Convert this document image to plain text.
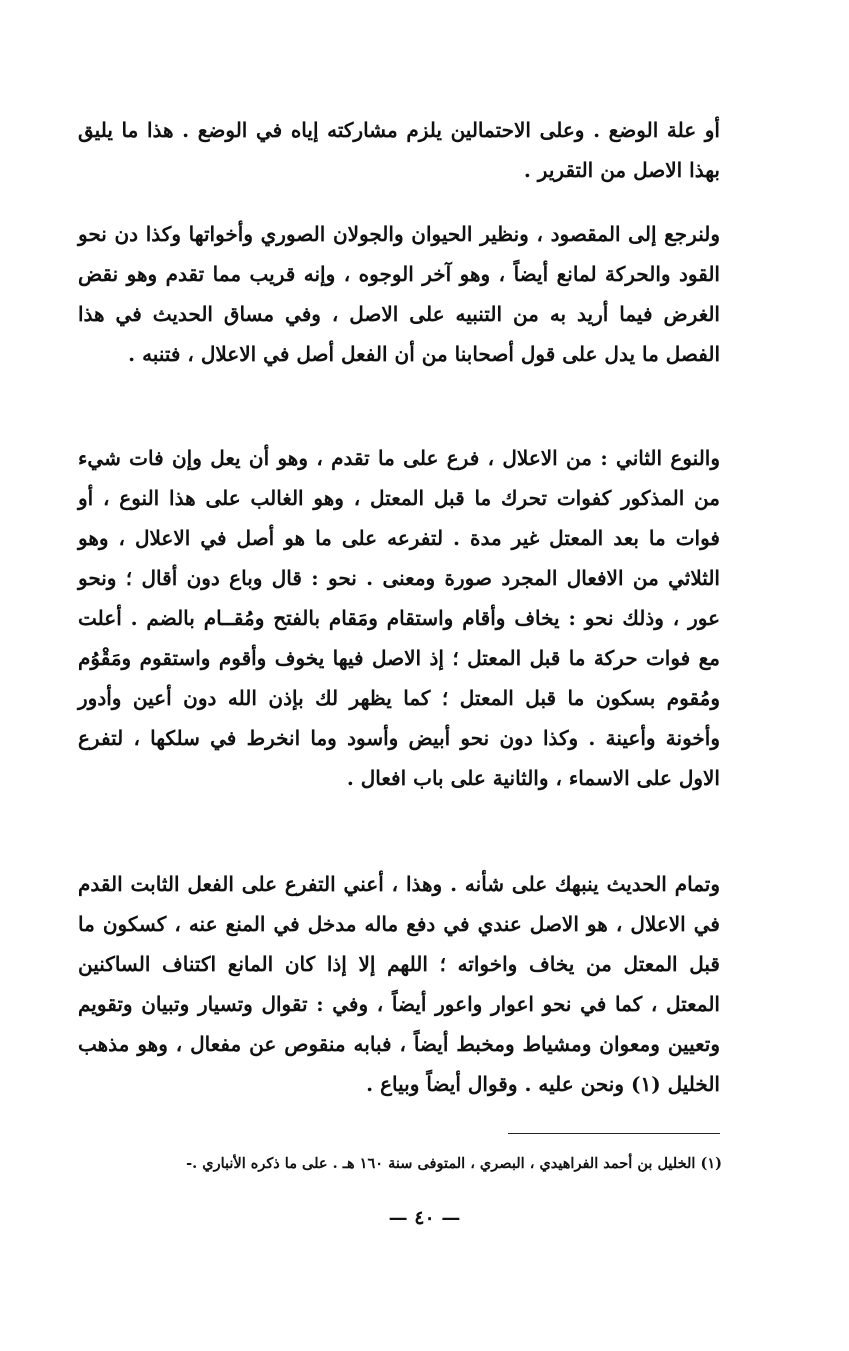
أو علة الوضع . وعلى الاحتمالين يلزم مشاركته إياه في الوضع . هذا ما يليق بهذا الاصل من التقرير .

ولنرجع إلى المقصود ، ونظير الحيوان والجولان الصوري وأخواتها وكذا دن نحو القود والحركة لمانع أيضاً ، وهو آخر الوجوه ، وإنه قريب مما تقدم وهو نقض الغرض فيما أريد به من التنبيه على الاصل ، وفي مساق الحديث في هذا الفصل ما يدل على قول أصحابنا من أن الفعل أصل في الاعلال ، فتنبه .

والنوع الثاني : من الاعلال ، فرع على ما تقدم ، وهو أن يعل وإن فات شيء من المذكور كفوات تحرك ما قبل المعتل ، وهو الغالب على هذا النوع ، أو فوات ما بعد المعتل غير مدة . لتفرعه على ما هو أصل في الاعلال ، وهو الثلاثي من الافعال المجرد صورة ومعنى . نحو : قال وباع دون أقال ؛ ونحو عور ، وذلك نحو : يخاف وأقام واستقام ومَقام بالفتح ومُقــام بالضم . أعلت مع فوات حركة ما قبل المعتل ؛ إذ الاصل فيها يخوف وأقوم واستقوم ومَقْوُم ومُقوم بسكون ما قبل المعتل ؛ كما يظهر لك بإذن الله دون أعين وأدور وأخونة وأعينة . وكذا دون نحو أبيض وأسود وما انخرط في سلكها ، لتفرع الاول على الاسماء ، والثانية على باب افعال .

وتمام الحديث ينبهك على شأنه . وهذا ، أعني التفرع على الفعل الثابت القدم في الاعلال ، هو الاصل عندي في دفع ماله مدخل في المنع عنه ، كسكون ما قبل المعتل من يخاف واخواته ؛ اللهم إلا إذا كان المانع اكتناف الساكنين المعتل ، كما في نحو اعوار واعور أيضاً ، وفي : تقوال وتسيار وتبيان وتقويم وتعيين ومعوان ومشياط ومخبط أيضاً ، فبابه منقوص عن مفعال ، وهو مذهب الخليل (١) ونحن عليه . وقوال أيضاً وبياع .

(١) الخليل بن أحمد الفراهيدي ، البصري ، المتوفى سنة ١٦٠ هـ . على ما ذكره الأنباري .-
— ٤٠ —
